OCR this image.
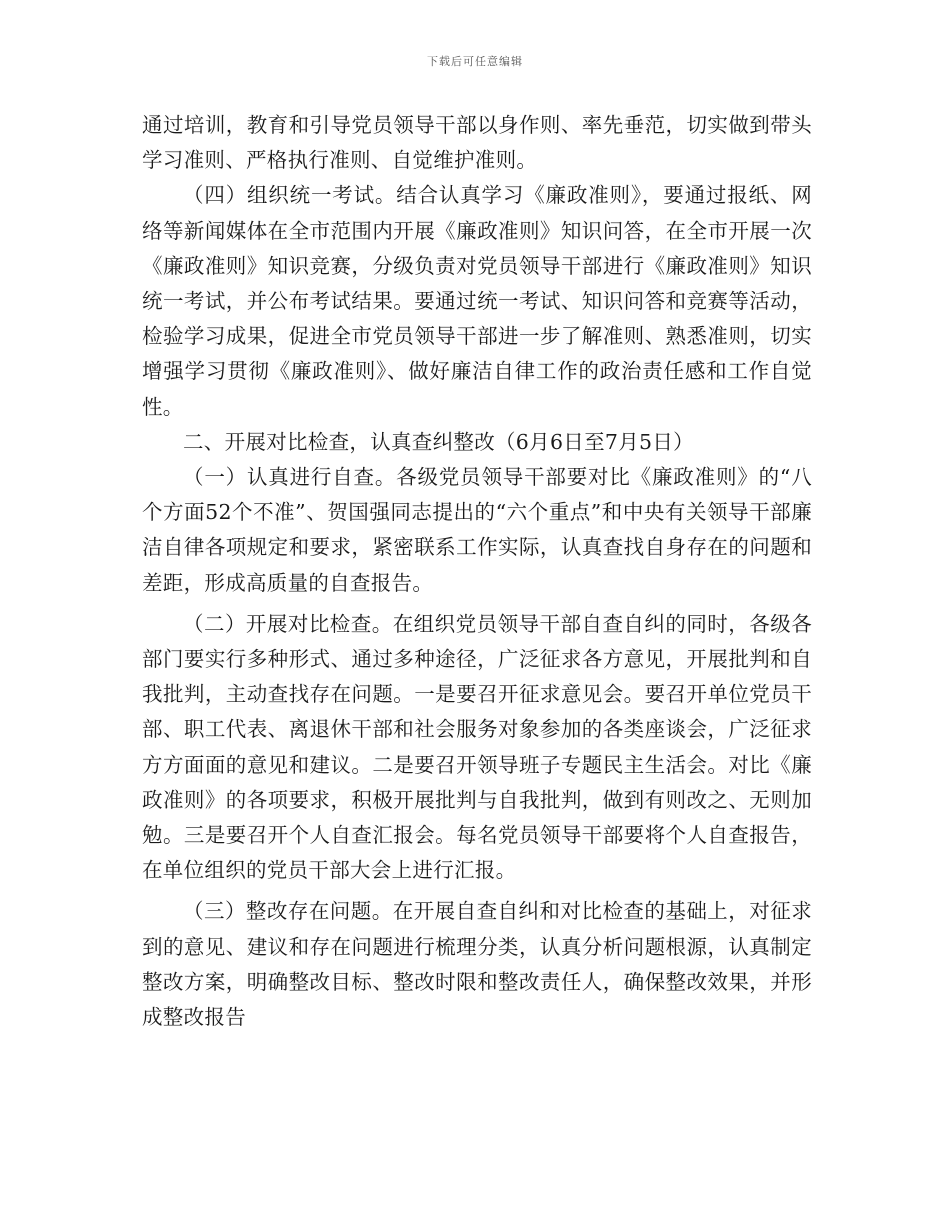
下载后可任意编辑

通过培训，教育和引导党员领导干部以身作则、率先垂范，切实做到带头学习准则、严格执行准则、自觉维护准则。

（四）组织统一考试。结合认真学习《廉政准则》，要通过报纸、网络等新闻媒体在全市范围内开展《廉政准则》知识问答，在全市开展一次《廉政准则》知识竞赛，分级负责对党员领导干部进行《廉政准则》知识统一考试，并公布考试结果。要通过统一考试、知识问答和竞赛等活动，检验学习成果，促进全市党员领导干部进一步了解准则、熟悉准则，切实增强学习贯彻《廉政准则》、做好廉洁自律工作的政治责任感和工作自觉性。

二、开展对比检查，认真查纠整改（6月6日至7月5日）

（一）认真进行自查。各级党员领导干部要对比《廉政准则》的“八个方面52个不准”、贺国强同志提出的“六个重点”和中央有关领导干部廉洁自律各项规定和要求，紧密联系工作实际，认真查找自身存在的问题和差距，形成高质量的自查报告。

（二）开展对比检查。在组织党员领导干部自查自纠的同时，各级各部门要实行多种形式、通过多种途径，广泛征求各方意见，开展批判和自我批判，主动查找存在问题。一是要召开征求意见会。要召开单位党员干部、职工代表、离退休干部和社会服务对象参加的各类座谈会，广泛征求方方面面的意见和建议。二是要召开领导班子专题民主生活会。对比《廉政准则》的各项要求，积极开展批判与自我批判，做到有则改之、无则加勉。三是要召开个人自查汇报会。每名党员领导干部要将个人自查报告，在单位组织的党员干部大会上进行汇报。

（三）整改存在问题。在开展自查自纠和对比检查的基础上，对征求到的意见、建议和存在问题进行梳理分类，认真分析问题根源，认真制定整改方案，明确整改目标、整改时限和整改责任人，确保整改效果，并形成整改报告
